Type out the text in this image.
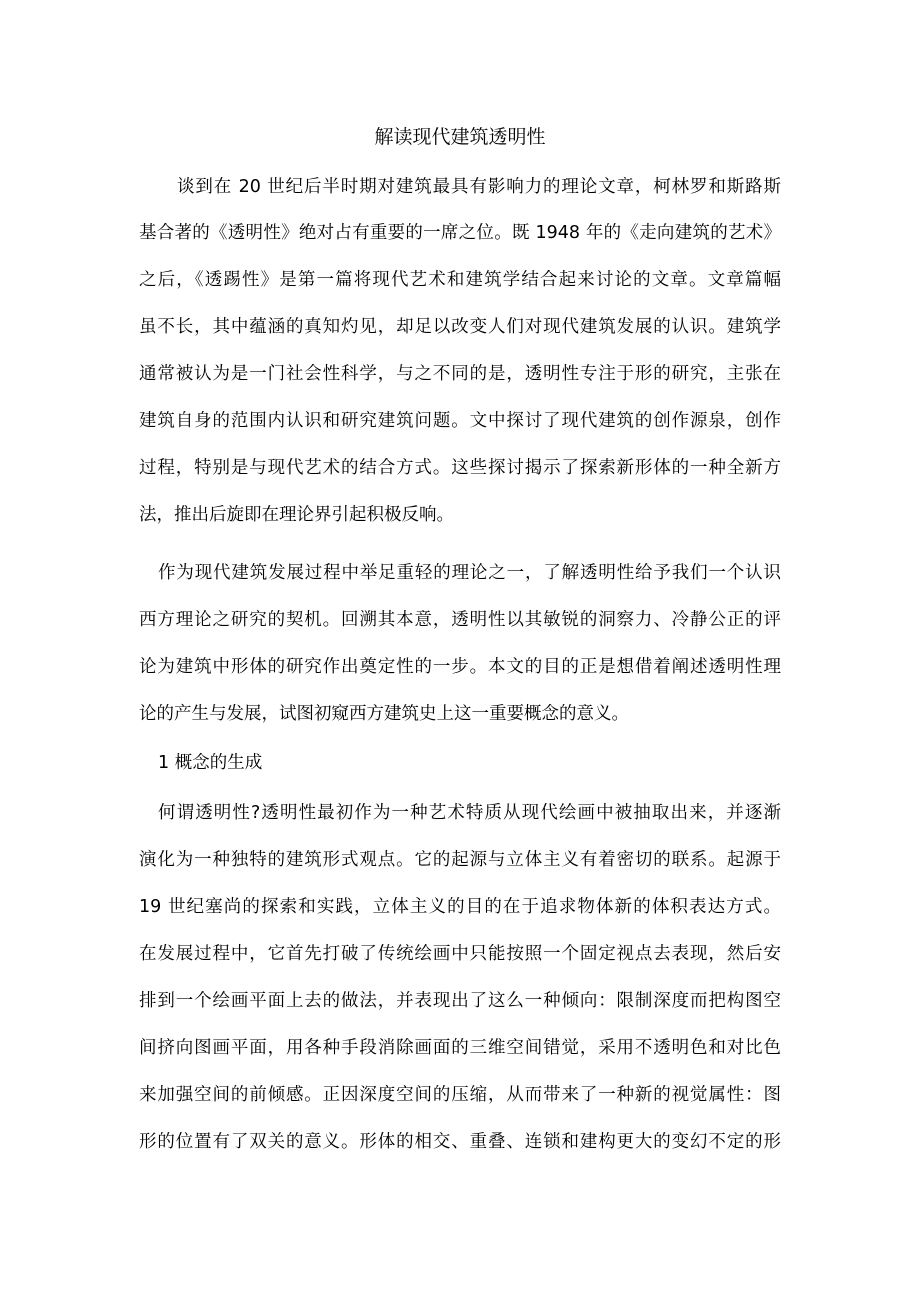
解读现代建筑透明性
谈到在 20 世纪后半时期对建筑最具有影响力的理论文章，柯林罗和斯路斯
基合著的《透明性》绝对占有重要的一席之位。既 1948 年的《走向建筑的艺术》
之后，《透踢性》是第一篇将现代艺术和建筑学结合起来讨论的文章。文章篇幅
虽不长，其中蕴涵的真知灼见，却足以改变人们对现代建筑发展的认识。建筑学
通常被认为是一门社会性科学，与之不同的是，透明性专注于形的研究，主张在
建筑自身的范围内认识和研究建筑问题。文中探讨了现代建筑的创作源泉，创作
过程，特别是与现代艺术的结合方式。这些探讨揭示了探索新形体的一种全新方
法，推出后旋即在理论界引起积极反响。
作为现代建筑发展过程中举足重轻的理论之一，了解透明性给予我们一个认识
西方理论之研究的契机。回溯其本意，透明性以其敏锐的洞察力、冷静公正的评
论为建筑中形体的研究作出奠定性的一步。本文的目的正是想借着阐述透明性理
论的产生与发展，试图初窥西方建筑史上这一重要概念的意义。
1 概念的生成
何谓透明性?透明性最初作为一种艺术特质从现代绘画中被抽取出来，并逐渐
演化为一种独特的建筑形式观点。它的起源与立体主义有着密切的联系。起源于
19 世纪塞尚的探索和实践，立体主义的目的在于追求物体新的体积表达方式。
在发展过程中，它首先打破了传统绘画中只能按照一个固定视点去表现，然后安
排到一个绘画平面上去的做法，并表现出了这么一种倾向：限制深度而把构图空
间挤向图画平面，用各种手段消除画面的三维空间错觉，采用不透明色和对比色
来加强空间的前倾感。正因深度空间的压缩，从而带来了一种新的视觉属性：图
形的位置有了双关的意义。形体的相交、重叠、连锁和建构更大的变幻不定的形
